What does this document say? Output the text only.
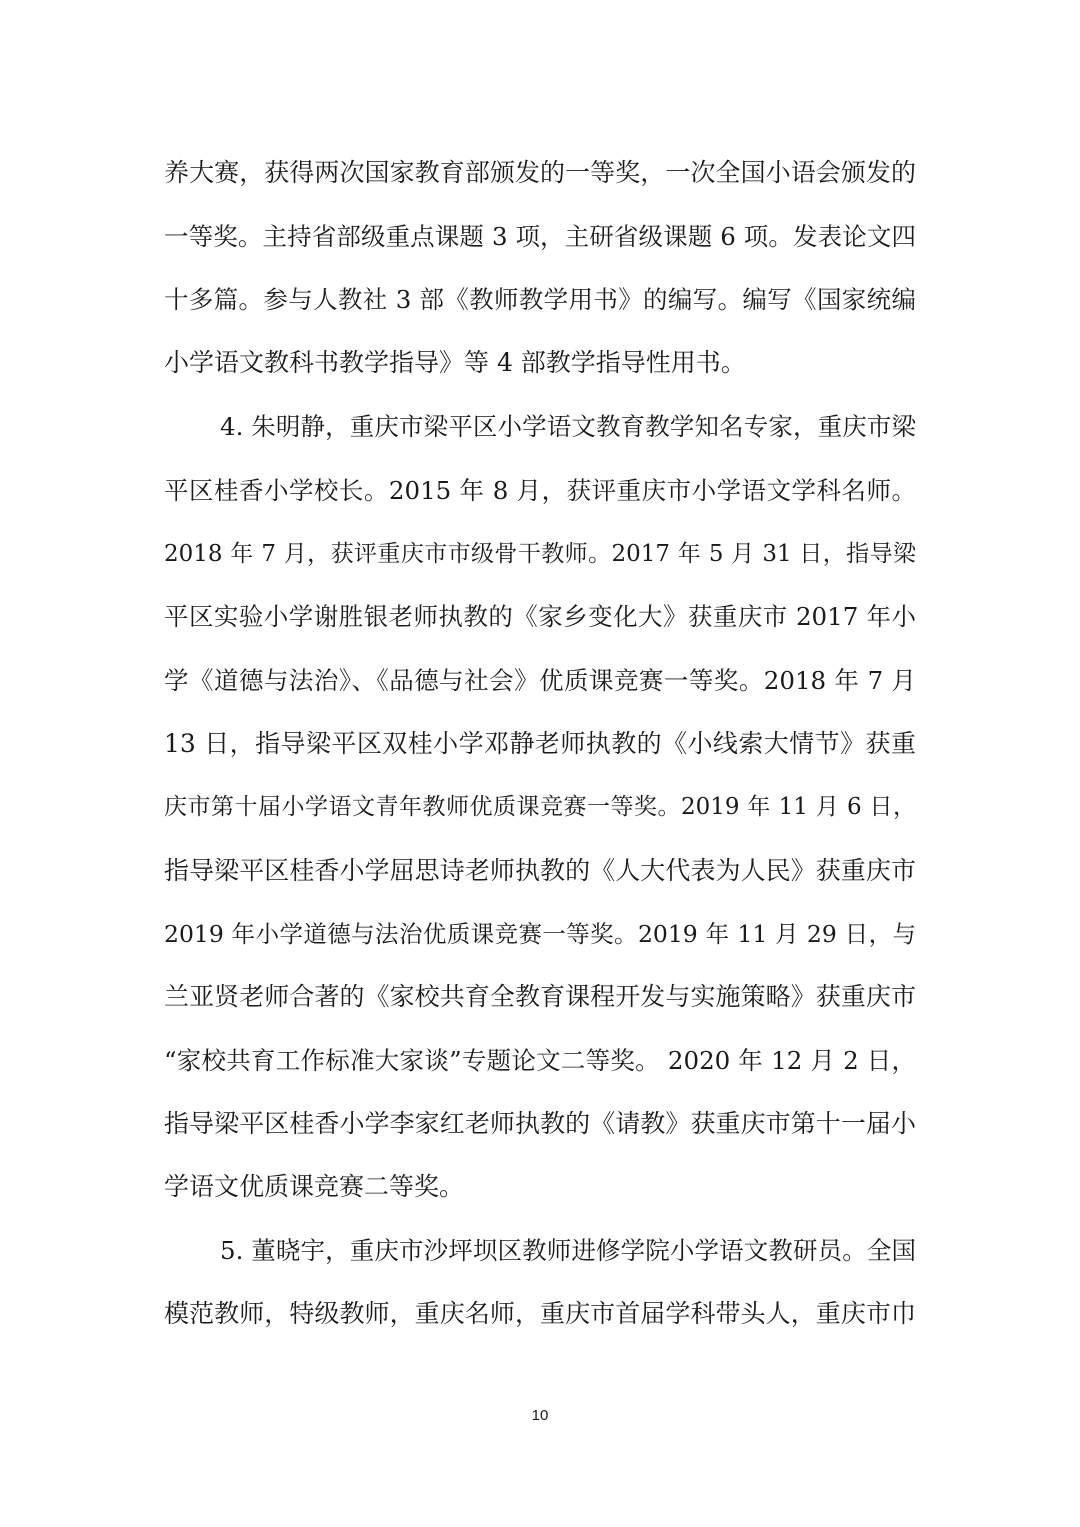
养大赛，获得两次国家教育部颁发的一等奖，一次全国小语会颁发的
一等奖。主持省部级重点课题 3 项，主研省级课题 6 项。发表论文四
十多篇。参与人教社 3 部《教师教学用书》的编写。编写《国家统编
小学语文教科书教学指导》等 4 部教学指导性用书。
4. 朱明静，重庆市梁平区小学语文教育教学知名专家，重庆市梁
平区桂香小学校长。2015 年 8 月，获评重庆市小学语文学科名师。
2018 年 7 月，获评重庆市市级骨干教师。2017 年 5 月 31 日，指导梁
平区实验小学谢胜银老师执教的《家乡变化大》获重庆市 2017 年小
学《道德与法治》、《品德与社会》优质课竞赛一等奖。2018 年 7 月
13 日，指导梁平区双桂小学邓静老师执教的《小线索大情节》获重
庆市第十届小学语文青年教师优质课竞赛一等奖。2019 年 11 月 6 日，
指导梁平区桂香小学屈思诗老师执教的《人大代表为人民》获重庆市
2019 年小学道德与法治优质课竞赛一等奖。2019 年 11 月 29 日，与
兰亚贤老师合著的《家校共育全教育课程开发与实施策略》获重庆市
“家校共育工作标准大家谈”专题论文二等奖。 2020 年 12 月 2 日，
指导梁平区桂香小学李家红老师执教的《请教》获重庆市第十一届小
学语文优质课竞赛二等奖。
5. 董晓宇，重庆市沙坪坝区教师进修学院小学语文教研员。全国
模范教师，特级教师，重庆名师，重庆市首届学科带头人，重庆市巾
10
